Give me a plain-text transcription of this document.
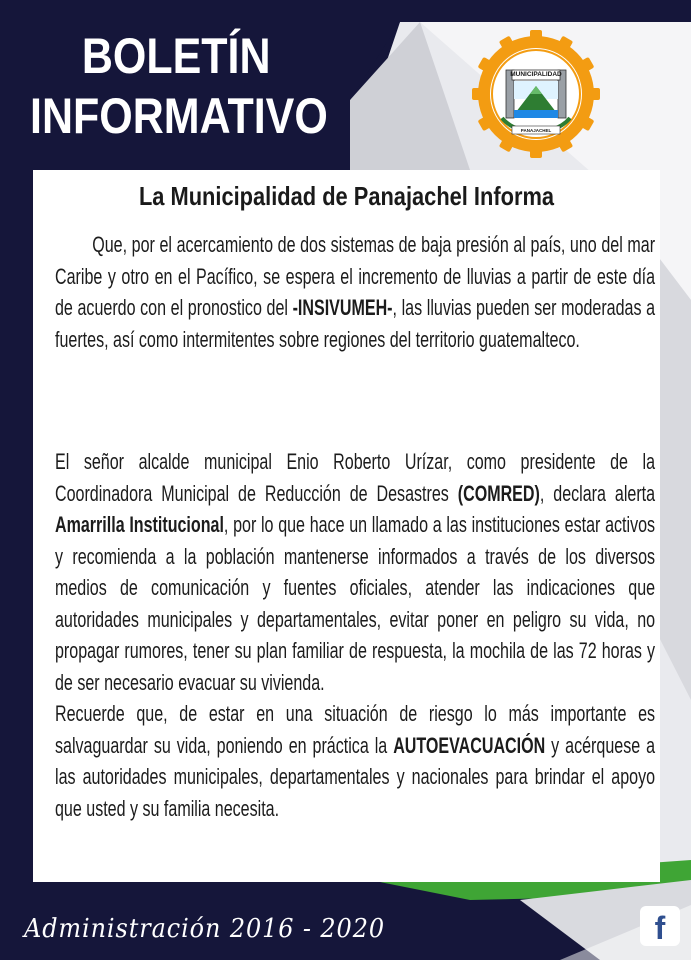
BOLETÍN
INFORMATIVO
MUNICIPALIDAD
PANAJACHEL
La Municipalidad de Panajachel Informa

Que, por el acercamiento de dos sistemas de baja presión al país, uno del mar Caribe y otro en el Pacífico, se espera el incremento de lluvias a partir de este día de acuerdo con el pronostico del -INSIVUMEH-, las lluvias pueden ser moderadas a fuertes, así como intermitentes sobre regiones del territorio guatemalteco.

El señor alcalde municipal Enio Roberto Urízar, como presidente de la Coordinadora Municipal de Reducción de Desastres (COMRED), declara alerta Amarrilla Institucional, por lo que hace un llamado a las instituciones estar activos y recomienda a la población mantenerse informados a través de los diversos medios de comunicación y fuentes oficiales, atender las indicaciones que autoridades municipales y departamentales, evitar poner en peligro su vida, no propagar rumores, tener su plan familiar de respuesta, la mochila de las 72 horas y de ser necesario evacuar su vivienda.

Recuerde que, de estar en una situación de riesgo lo más importante es salvaguardar su vida, poniendo en práctica la AUTOEVACUACIÓN y acérquese a las autoridades municipales, departamentales y nacionales para brindar el apoyo que usted y su familia necesita.

Administración 2016 - 2020	f
